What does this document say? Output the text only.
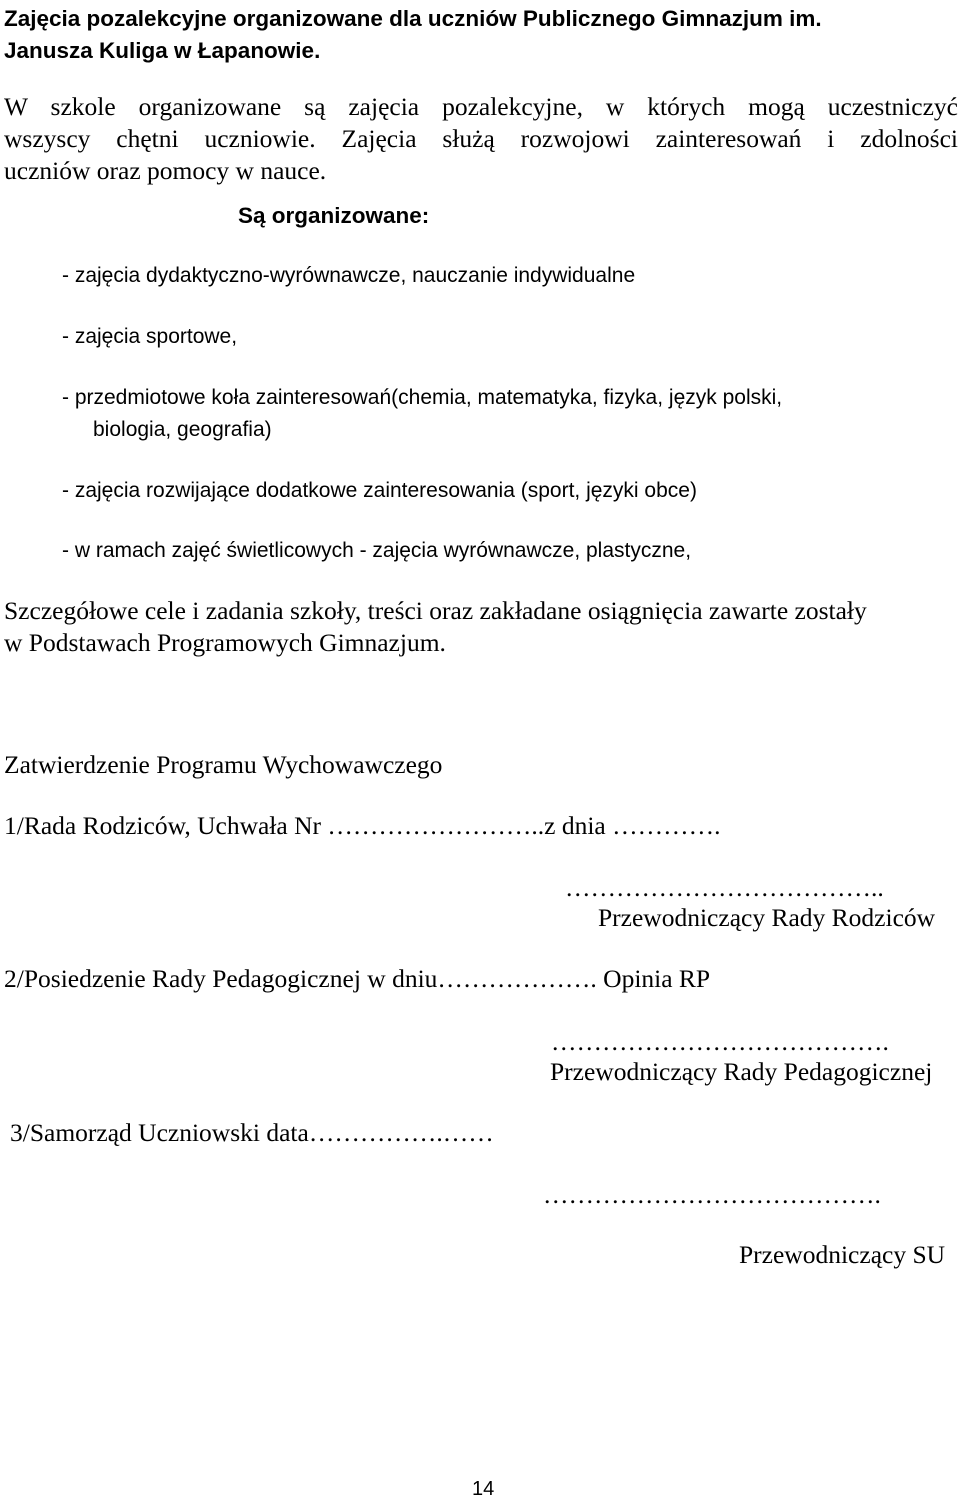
Zajęcia pozalekcyjne organizowane dla uczniów Publicznego Gimnazjum im.
Janusza Kuliga w Łapanowie.
W szkole organizowane są zajęcia pozalekcyjne, w których mogą uczestniczyć
wszyscy chętni uczniowie. Zajęcia służą rozwojowi zainteresowań i zdolności
uczniów oraz pomocy w nauce.
Są organizowane:
- zajęcia dydaktyczno-wyrównawcze, nauczanie indywidualne
- zajęcia sportowe,
- przedmiotowe koła zainteresowań(chemia, matematyka, fizyka, język polski,
biologia, geografia)
- zajęcia rozwijające dodatkowe zainteresowania (sport, języki obce)
- w ramach zajęć świetlicowych - zajęcia wyrównawcze, plastyczne,
Szczegółowe cele i zadania szkoły, treści oraz zakładane osiągnięcia zawarte zostały
w Podstawach Programowych Gimnazjum.
Zatwierdzenie Programu Wychowawczego
1/Rada Rodziców, Uchwała Nr ……………………..z dnia ………….
………………………………..
Przewodniczący Rady Rodziców
2/Posiedzenie Rady Pedagogicznej w dniu………………. Opinia RP
………………………………….
Przewodniczący Rady Pedagogicznej
3/Samorząd Uczniowski data…………….……
………………………………….
Przewodniczący SU
14
